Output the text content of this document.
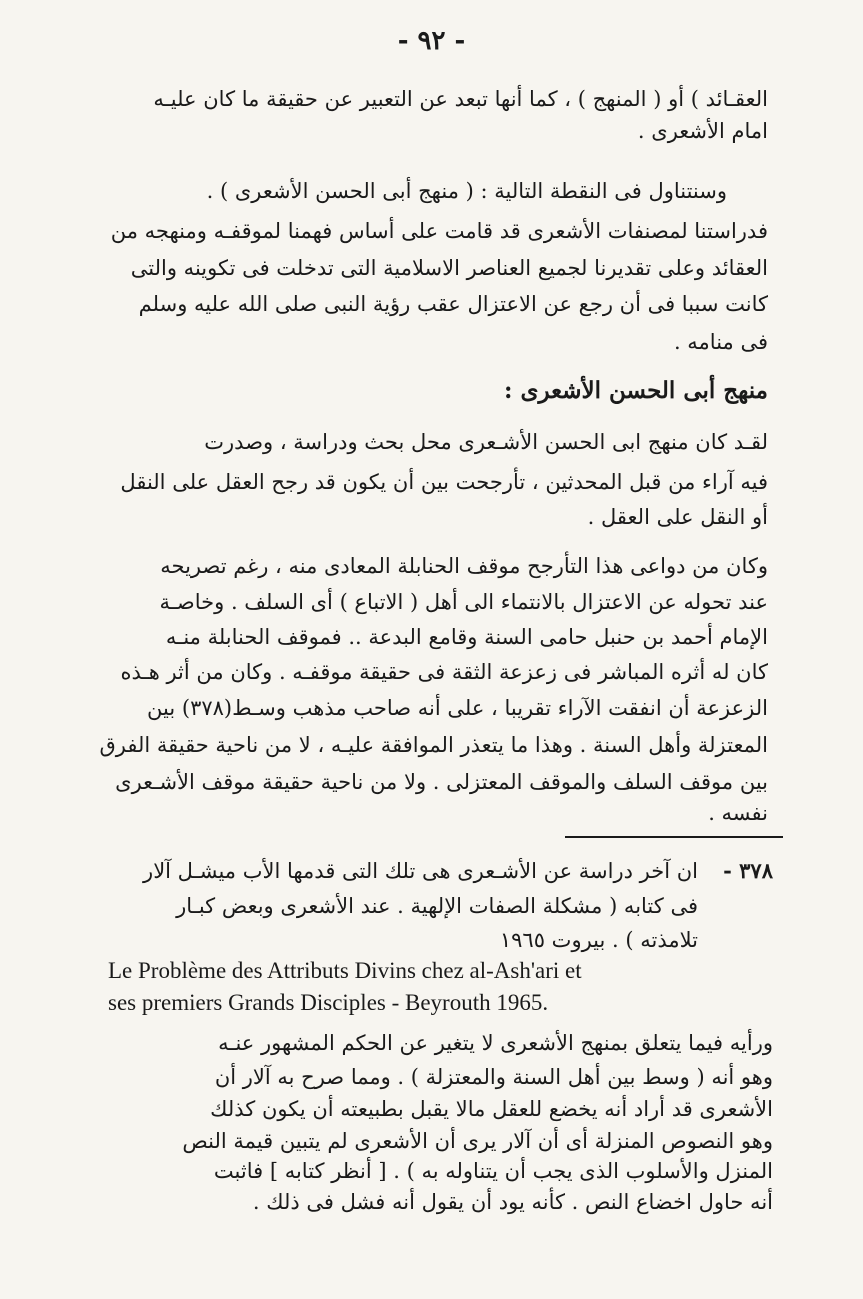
- ٩٢ -
العقـائد ) أو ( المنهج ) ، كما أنها تبعد عن التعبير عن حقيقة ما كان عليـه
امام الأشعرى .
وسنتناول فى النقطة التالية : ( منهج أبى الحسن الأشعرى ) .
فدراستنا لمصنفات الأشعرى قد قامت على أساس فهمنا لموقفـه ومنهجه من
العقائد وعلى تقديرنا لجميع العناصر الاسلامية التى تدخلت فى تكوينه والتى
كانت سببا فى أن رجع عن الاعتزال عقب رؤية النبى صلى الله عليه وسلم
فى منامه .
منهج أبى الحسن الأشعرى :
لقـد كان منهج ابى الحسن الأشـعرى محل بحث ودراسة ، وصدرت
فيه آراء من قبل المحدثين ، تأرجحت بين أن يكون قد رجح العقل على النقل
أو النقل على العقل .
وكان من دواعى هذا التأرجح موقف الحنابلة المعادى منه ، رغم تصريحه
عند تحوله عن الاعتزال بالانتماء الى أهل ( الاتباع ) أى السلف . وخاصـة
الإمام أحمد بن حنبل حامى السنة وقامع البدعة .. فموقف الحنابلة منـه
كان له أثره المباشر فى زعزعة الثقة فى حقيقة موقفـه . وكان من أثر هـذه
الزعزعة أن انفقت الآراء تقريبا ، على أنه صاحب مذهب وسـط(٣٧٨) بين
المعتزلة وأهل السنة . وهذا ما يتعذر الموافقة عليـه ، لا من ناحية حقيقة الفرق
بين موقف السلف والموقف المعتزلى . ولا من ناحية حقيقة موقف الأشـعرى
نفسه .
٣٧٨ -
ان آخر دراسة عن الأشـعرى هى تلك التى قدمها الأب ميشـل آلار
فى كتابه ( مشكلة الصفات الإلهية . عند الأشعرى وبعض كبـار
تلامذته ) . بيروت ١٩٦٥
Le Problème des Attributs Divins chez al-Ash'ari et
ses premiers Grands Disciples - Beyrouth 1965.
ورأيه فيما يتعلق بمنهج الأشعرى لا يتغير عن الحكم المشهور عنـه
وهو أنه ( وسط بين أهل السنة والمعتزلة ) . ومما صرح به آلار أن
الأشعرى قد أراد أنه يخضع للعقل مالا يقبل بطبيعته أن يكون كذلك
وهو النصوص المنزلة أى أن آلار يرى أن الأشعرى لم يتبين قيمة النص
المنزل والأسلوب الذى يجب أن يتناوله به ) . [ أنظر كتابه ] فاثبت
أنه حاول اخضاع النص . كأنه يود أن يقول أنه فشل فى ذلك .
